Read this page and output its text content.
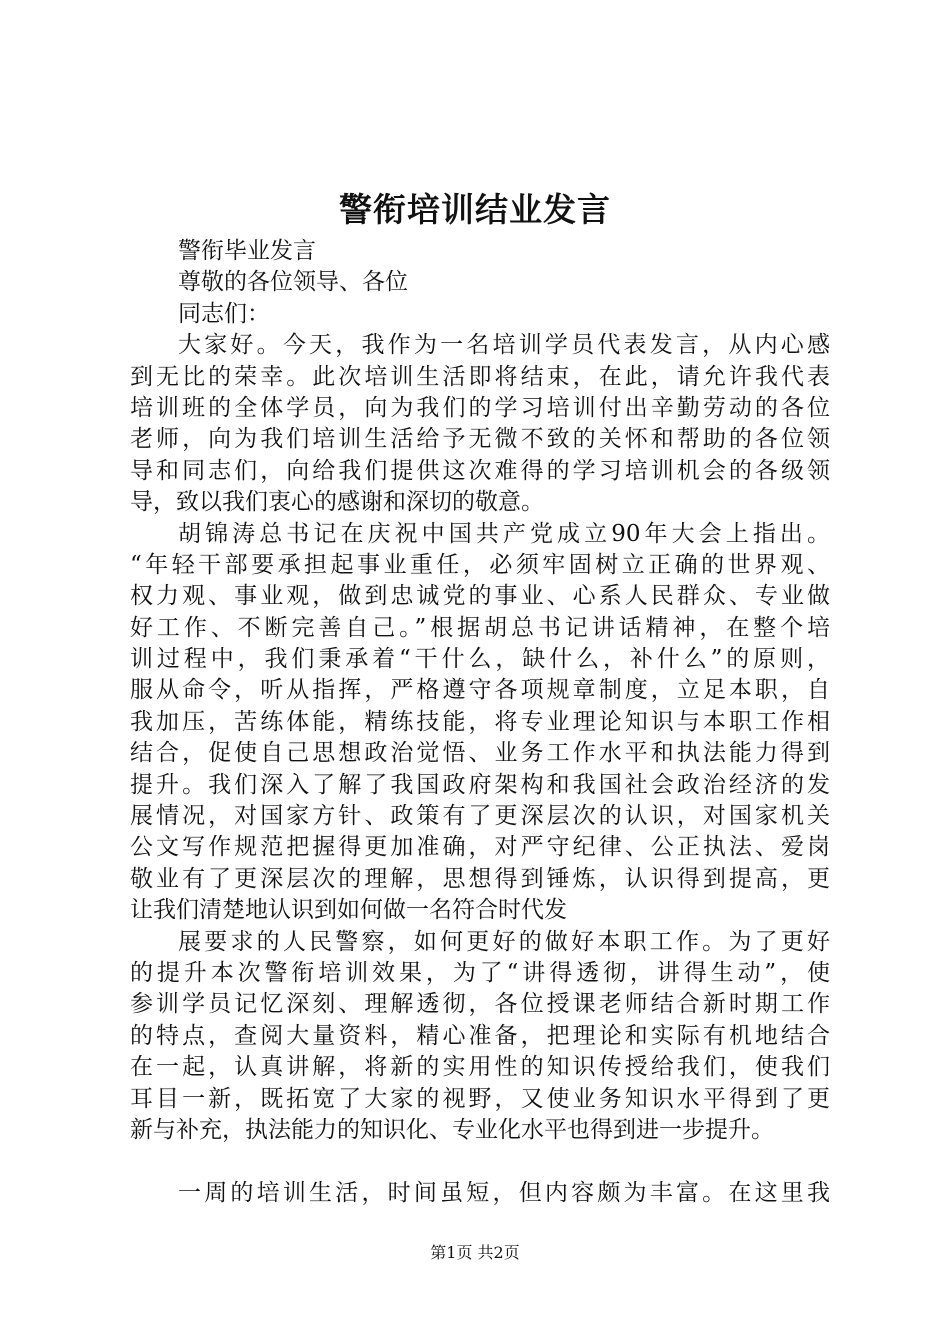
警衔培训结业发言

警衔毕业发言

尊敬的各位领导、各位

同志们：

大家好。今天，我作为一名培训学员代表发言，从内心感

到无比的荣幸。此次培训生活即将结束，在此，请允许我代表

培训班的全体学员，向为我们的学习培训付出辛勤劳动的各位

老师，向为我们培训生活给予无微不致的关怀和帮助的各位领

导和同志们，向给我们提供这次难得的学习培训机会的各级领

导，致以我们衷心的感谢和深切的敬意。

胡锦涛总书记在庆祝中国共产党成立90年大会上指出。

“年轻干部要承担起事业重任，必须牢固树立正确的世界观、

权力观、事业观，做到忠诚党的事业、心系人民群众、专业做

好工作、不断完善自己。”根据胡总书记讲话精神，在整个培

训过程中，我们秉承着“干什么，缺什么，补什么”的原则，

服从命令，听从指挥，严格遵守各项规章制度，立足本职，自

我加压，苦练体能，精练技能，将专业理论知识与本职工作相

结合，促使自己思想政治觉悟、业务工作水平和执法能力得到

提升。我们深入了解了我国政府架构和我国社会政治经济的发

展情况，对国家方针、政策有了更深层次的认识，对国家机关

公文写作规范把握得更加准确，对严守纪律、公正执法、爱岗

敬业有了更深层次的理解，思想得到锤炼，认识得到提高，更

让我们清楚地认识到如何做一名符合时代发

展要求的人民警察，如何更好的做好本职工作。为了更好

的提升本次警衔培训效果，为了“讲得透彻，讲得生动”，使

参训学员记忆深刻、理解透彻，各位授课老师结合新时期工作

的特点，查阅大量资料，精心准备，把理论和实际有机地结合

在一起，认真讲解，将新的实用性的知识传授给我们，使我们

耳目一新，既拓宽了大家的视野，又使业务知识水平得到了更

新与补充，执法能力的知识化、专业化水平也得到进一步提升。

一周的培训生活，时间虽短，但内容颇为丰富。在这里我

第1页 共2页
